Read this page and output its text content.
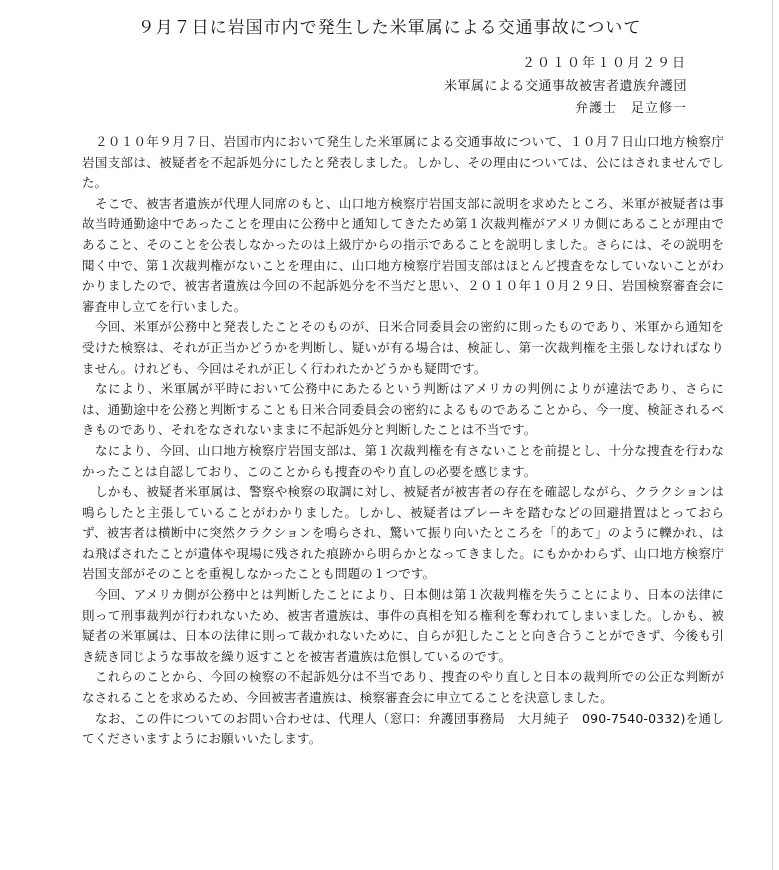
９月７日に岩国市内で発生した米軍属による交通事故について
２０１０年１０月２９日
米軍属による交通事故被害者遺族弁護団
弁護士　足立修一

２０１０年９月７日、岩国市内において発生した米軍属による交通事故について、１０月７日山口地方検察庁岩国支部は、被疑者を不起訴処分にしたと発表しました。しかし、その理由については、公にはされませんでした。

そこで、被害者遺族が代理人同席のもと、山口地方検察庁岩国支部に説明を求めたところ、米軍が被疑者は事故当時通勤途中であったことを理由に公務中と通知してきたため第１次裁判権がアメリカ側にあることが理由であること、そのことを公表しなかったのは上級庁からの指示であることを説明しました。さらには、その説明を聞く中で、第１次裁判権がないことを理由に、山口地方検察庁岩国支部はほとんど捜査をなしていないことがわかりましたので、被害者遺族は今回の不起訴処分を不当だと思い、２０１０年１０月２９日、岩国検察審査会に審査申し立てを行いました。

今回、米軍が公務中と発表したことそのものが、日米合同委員会の密約に則ったものであり、米軍から通知を受けた検察は、それが正当かどうかを判断し、疑いが有る場合は、検証し、第一次裁判権を主張しなければなりません。けれども、今回はそれが正しく行われたかどうかも疑問です。

なにより、米軍属が平時において公務中にあたるという判断はアメリカの判例によりが違法であり、さらには、通勤途中を公務と判断することも日米合同委員会の密約によるものであることから、今一度、検証されるべきものであり、それをなされないままに不起訴処分と判断したことは不当です。

なにより、今回、山口地方検察庁岩国支部は、第１次裁判権を有さないことを前提とし、十分な捜査を行わなかったことは自認しており、このことからも捜査のやり直しの必要を感じます。

しかも、被疑者米軍属は、警察や検察の取調に対し、被疑者が被害者の存在を確認しながら、クラクションは鳴らしたと主張していることがわかりました。しかし、被疑者はブレーキを踏むなどの回避措置はとっておらず、被害者は横断中に突然クラクションを鳴らされ、驚いて振り向いたところを「的あて」のように轢かれ、はね飛ばされたことが遺体や現場に残された痕跡から明らかとなってきました。にもかかわらず、山口地方検察庁岩国支部がそのことを重視しなかったことも問題の１つです。

今回、アメリカ側が公務中とは判断したことにより、日本側は第１次裁判権を失うことにより、日本の法律に則って刑事裁判が行われないため、被害者遺族は、事件の真相を知る権利を奪われてしまいました。しかも、被疑者の米軍属は、日本の法律に則って裁かれないために、自らが犯したことと向き合うことができず、今後も引き続き同じような事故を繰り返すことを被害者遺族は危惧しているのです。

これらのことから、今回の検察の不起訴処分は不当であり、捜査のやり直しと日本の裁判所での公正な判断がなされることを求めるため、今回被害者遺族は、検察審査会に申立てることを決意しました。

なお、この件についてのお問い合わせは、代理人（窓口：弁護団事務局　大月純子　090-7540-0332)を通してくださいますようにお願いいたします。
